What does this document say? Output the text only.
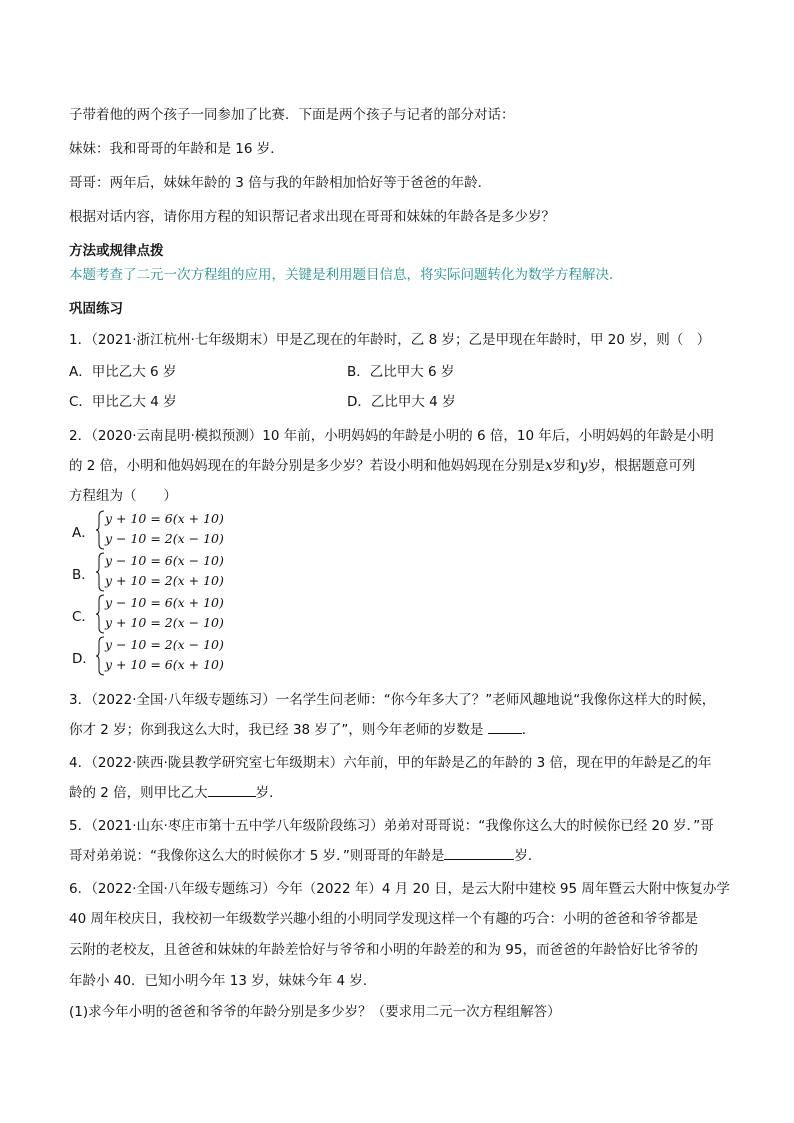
子带着他的两个孩子一同参加了比赛．下面是两个孩子与记者的部分对话：
妹妹：我和哥哥的年龄和是 16 岁．
哥哥：两年后，妹妹年龄的 3 倍与我的年龄相加恰好等于爸爸的年龄．
根据对话内容，请你用方程的知识帮记者求出现在哥哥和妹妹的年龄各是多少岁？
方法或规律点拨
本题考查了二元一次方程组的应用，关键是利用题目信息，将实际问题转化为数学方程解决．
巩固练习
1．（2021·浙江杭州·七年级期末）甲是乙现在的年龄时，乙 8 岁；乙是甲现在年龄时，甲 20 岁，则（　）
A．甲比乙大 6 岁	B．乙比甲大 6 岁
C．甲比乙大 4 岁	D．乙比甲大 4 岁
2．（2020·云南昆明·模拟预测）10 年前，小明妈妈的年龄是小明的 6 倍，10 年后，小明妈妈的年龄是小明
的 2 倍，小明和他妈妈现在的年龄分别是多少岁？若设小明和他妈妈现在分别是x岁和y岁，根据题意可列
方程组为（　　）
A．
y + 10 = 6(x + 10)
y − 10 = 2(x − 10)
B．
y − 10 = 6(x − 10)
y + 10 = 2(x + 10)
C．
y − 10 = 6(x + 10)
y + 10 = 2(x − 10)
D．
y − 10 = 2(x − 10)
y + 10 = 6(x + 10)
3．（2022·全国·八年级专题练习）一名学生问老师：“你今年多大了？”老师风趣地说“我像你这样大的时候，
你才 2 岁；你到我这么大时，我已经 38 岁了”，则今年老师的岁数是	．
4．（2022·陕西·陇县教学研究室七年级期末）六年前，甲的年龄是乙的年龄的 3 倍，现在甲的年龄是乙的年
龄的 2 倍，则甲比乙大	岁．
5．（2021·山东·枣庄市第十五中学八年级阶段练习）弟弟对哥哥说：“我像你这么大的时候你已经 20 岁．”哥
哥对弟弟说：“我像你这么大的时候你才 5 岁．”则哥哥的年龄是	岁．
6．（2022·全国·八年级专题练习）今年（2022 年）4 月 20 日，是云大附中建校 95 周年暨云大附中恢复办学
40 周年校庆日，我校初一年级数学兴趣小组的小明同学发现这样一个有趣的巧合：小明的爸爸和爷爷都是
云附的老校友，且爸爸和妹妹的年龄差恰好与爷爷和小明的年龄差的和为 95，而爸爸的年龄恰好比爷爷的
年龄小 40．已知小明今年 13 岁，妹妹今年 4 岁．
(1)求今年小明的爸爸和爷爷的年龄分别是多少岁？（要求用二元一次方程组解答）
